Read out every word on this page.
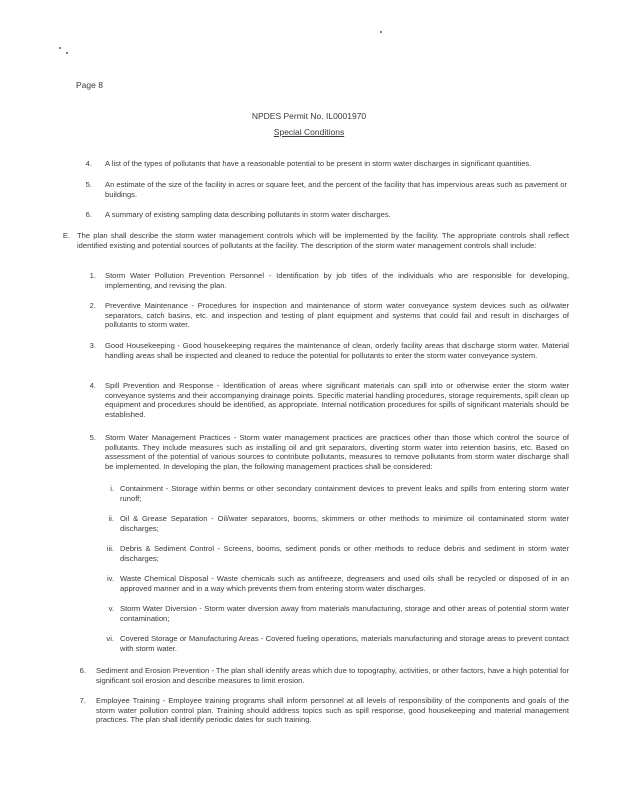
Page 8
NPDES Permit No. IL0001970
Special Conditions
4. A list of the types of pollutants that have a reasonable potential to be present in storm water discharges in significant quantities.
5. An estimate of the size of the facility in acres or square feet, and the percent of the facility that has impervious areas such as pavement or buildings.
6. A summary of existing sampling data describing pollutants in storm water discharges.
E. The plan shall describe the storm water management controls which will be implemented by the facility. The appropriate controls shall reflect identified existing and potential sources of pollutants at the facility. The description of the storm water management controls shall include:
1. Storm Water Pollution Prevention Personnel - Identification by job titles of the individuals who are responsible for developing, implementing, and revising the plan.
2. Preventive Maintenance - Procedures for inspection and maintenance of storm water conveyance system devices such as oil/water separators, catch basins, etc. and inspection and testing of plant equipment and systems that could fail and result in discharges of pollutants to storm water.
3. Good Housekeeping - Good housekeeping requires the maintenance of clean, orderly facility areas that discharge storm water. Material handling areas shall be inspected and cleaned to reduce the potential for pollutants to enter the storm water conveyance system.
4. Spill Prevention and Response - Identification of areas where significant materials can spill into or otherwise enter the storm water conveyance systems and their accompanying drainage points. Specific material handling procedures, storage requirements, spill clean up equipment and procedures should be identified, as appropriate. Internal notification procedures for spills of significant materials should be established.
5. Storm Water Management Practices - Storm water management practices are practices other than those which control the source of pollutants. They include measures such as installing oil and grit separators, diverting storm water into retention basins, etc. Based on assessment of the potential of various sources to contribute pollutants, measures to remove pollutants from storm water discharge shall be implemented. In developing the plan, the following management practices shall be considered:
i. Containment - Storage within berms or other secondary containment devices to prevent leaks and spills from entering storm water runoff;
ii. Oil & Grease Separation - Oil/water separators, booms, skimmers or other methods to minimize oil contaminated storm water discharges;
iii. Debris & Sediment Control - Screens, booms, sediment ponds or other methods to reduce debris and sediment in storm water discharges;
iv. Waste Chemical Disposal - Waste chemicals such as antifreeze, degreasers and used oils shall be recycled or disposed of in an approved manner and in a way which prevents them from entering storm water discharges.
v. Storm Water Diversion - Storm water diversion away from materials manufacturing, storage and other areas of potential storm water contamination;
vi. Covered Storage or Manufacturing Areas - Covered fueling operations, materials manufacturing and storage areas to prevent contact with storm water.
6. Sediment and Erosion Prevention - The plan shall identify areas which due to topography, activities, or other factors, have a high potential for significant soil erosion and describe measures to limit erosion.
7. Employee Training - Employee training programs shall inform personnel at all levels of responsibility of the components and goals of the storm water pollution control plan. Training should address topics such as spill response, good housekeeping and material management practices. The plan shall identify periodic dates for such training.
